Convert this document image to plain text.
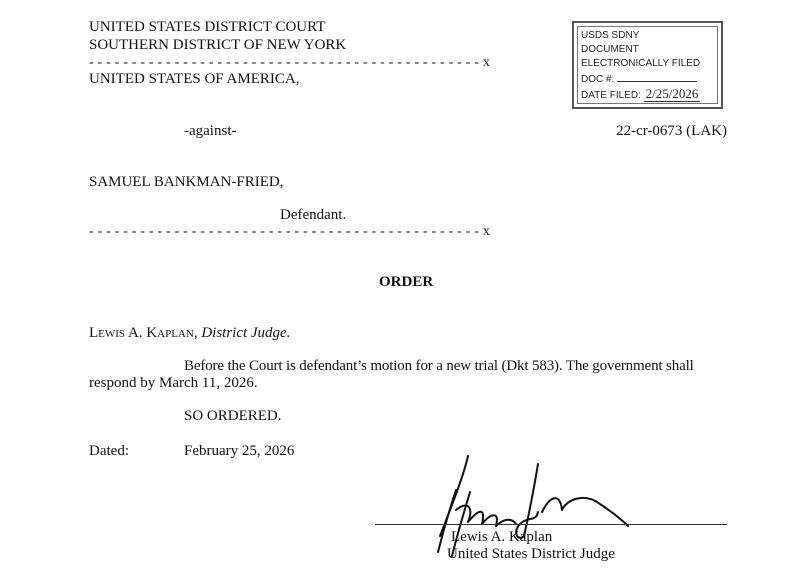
UNITED STATES DISTRICT COURT
SOUTHERN DISTRICT OF NEW YORK
- - - - - - - - - - - - - - - - - - - - - - - - - - - - - - - - - - - - - - - - - - - - - - x
UNITED STATES OF AMERICA,
USDS SDNY
DOCUMENT
ELECTRONICALLY FILED
DOC #:
DATE FILED: 2/25/2026
-against-	22-cr-0673 (LAK)
SAMUEL BANKMAN-FRIED,
Defendant.
- - - - - - - - - - - - - - - - - - - - - - - - - - - - - - - - - - - - - - - - - - - - - - x
ORDER
Lewis A. Kaplan, District Judge.
Before the Court is defendant’s motion for a new trial (Dkt 583). The government shall
respond by March 11, 2026.
SO ORDERED.
Dated:	February 25, 2026
Lewis A. Kaplan
United States District Judge
